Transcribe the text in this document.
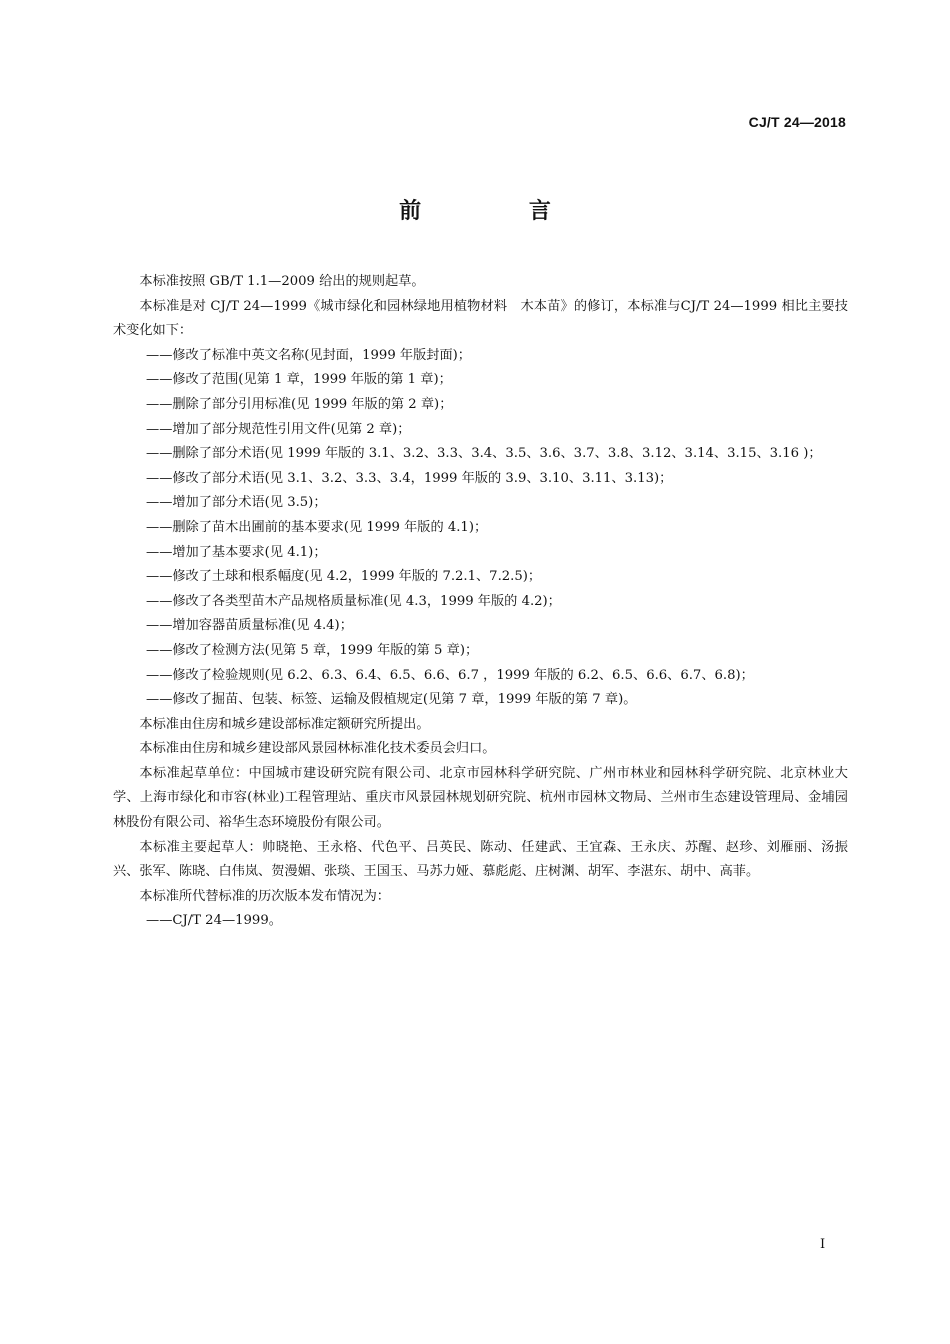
CJ/T 24—2018
前 言

本标准按照 GB/T 1.1—2009 给出的规则起草。

本标准是对 CJ/T 24—1999《城市绿化和园林绿地用植物材料　木本苗》的修订，本标准与CJ/T 24—1999 相比主要技术变化如下：

——修改了标准中英文名称(见封面，1999 年版封面)；

——修改了范围(见第 1 章，1999 年版的第 1 章)；

——删除了部分引用标准(见 1999 年版的第 2 章)；

——增加了部分规范性引用文件(见第 2 章)；

——删除了部分术语(见 1999 年版的 3.1、3.2、3.3、3.4、3.5、3.6、3.7、3.8、3.12、3.14、3.15、3.16 )；

——修改了部分术语(见 3.1、3.2、3.3、3.4，1999 年版的 3.9、3.10、3.11、3.13)；

——增加了部分术语(见 3.5)；

——删除了苗木出圃前的基本要求(见 1999 年版的 4.1)；

——增加了基本要求(见 4.1)；

——修改了土球和根系幅度(见 4.2，1999 年版的 7.2.1、7.2.5)；

——修改了各类型苗木产品规格质量标准(见 4.3，1999 年版的 4.2)；

——增加容器苗质量标准(见 4.4)；

——修改了检测方法(见第 5 章，1999 年版的第 5 章)；

——修改了检验规则(见 6.2、6.3、6.4、6.5、6.6、6.7 ，1999 年版的 6.2、6.5、6.6、6.7、6.8)；

——修改了掘苗、包装、标签、运输及假植规定(见第 7 章，1999 年版的第 7 章)。

本标准由住房和城乡建设部标准定额研究所提出。

本标准由住房和城乡建设部风景园林标准化技术委员会归口。

本标准起草单位：中国城市建设研究院有限公司、北京市园林科学研究院、广州市林业和园林科学研究院、北京林业大学、上海市绿化和市容(林业)工程管理站、重庆市风景园林规划研究院、杭州市园林文物局、兰州市生态建设管理局、金埔园林股份有限公司、裕华生态环境股份有限公司。

本标准主要起草人：帅晓艳、王永格、代色平、吕英民、陈动、任建武、王宜森、王永庆、苏醒、赵珍、刘雁丽、汤振兴、张军、陈晓、白伟岚、贺漫媚、张琰、王国玉、马苏力娅、慕彪彪、庄树渊、胡军、李湛东、胡中、高菲。

本标准所代替标准的历次版本发布情况为：

——CJ/T 24—1999。

I
